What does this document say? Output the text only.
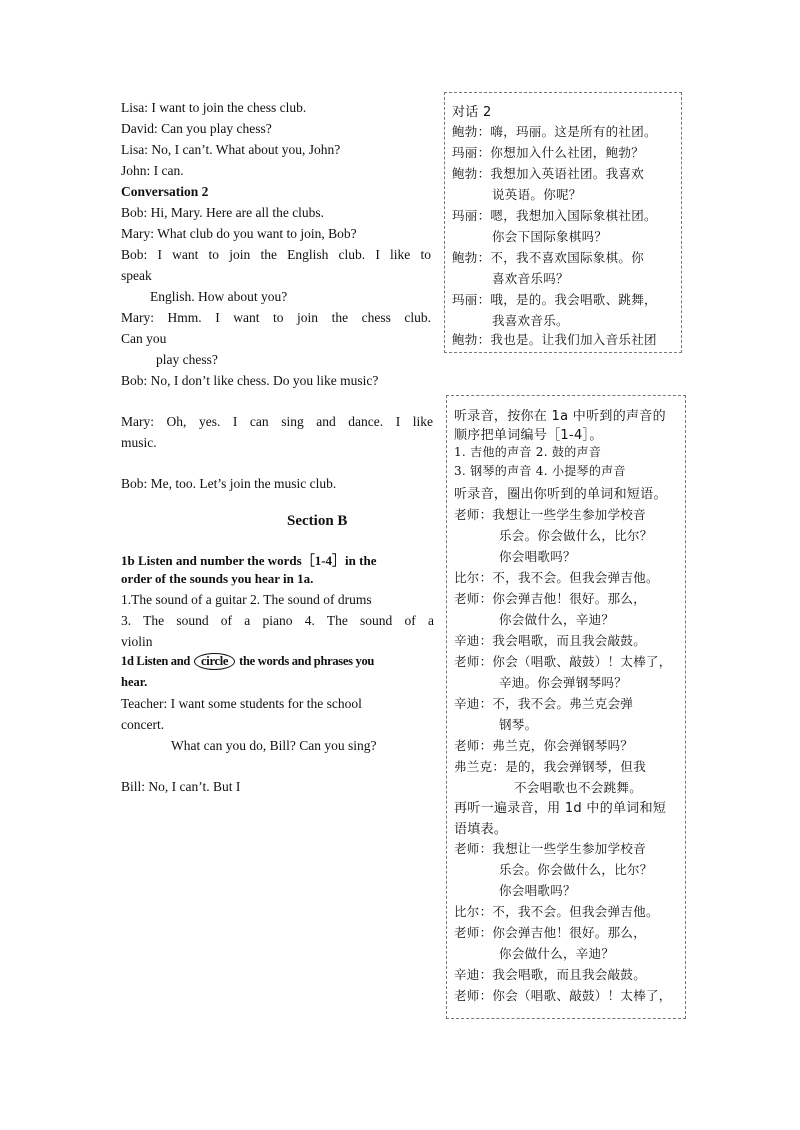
Lisa: I want to join the chess club.
David: Can you play chess?
Lisa: No, I can’t. What about you, John?
John: I can.
Conversation 2
Bob: Hi, Mary. Here are all the clubs.
Mary: What club do you want to join, Bob?
Bob: I want to join the English club. I like to
speak
English. How about you?
Mary: Hmm. I want to join the chess club.
Can you
play chess?
Bob: No, I don’t like chess. Do you like music?
Mary: Oh, yes. I can sing and dance. I like
music.
Bob: Me, too. Let’s join the music club.
Section B
1b Listen and number the words［1-4］in the
order of the sounds you hear in 1a.
1.The sound of a guitar 2. The sound of drums
3. The sound of a piano 4. The sound of a
violin
1d Listen and circle the words and phrases you
hear.
Teacher: I want some students for the school
concert.
What can you do, Bill? Can you sing?
Bill: No, I can’t. But I
对话 2
鲍勃：嗨，玛丽。这是所有的社团。
玛丽：你想加入什么社团，鲍勃？
鲍勃：我想加入英语社团。我喜欢
说英语。你呢？
玛丽：嗯，我想加入国际象棋社团。
你会下国际象棋吗？
鲍勃：不，我不喜欢国际象棋。你
喜欢音乐吗？
玛丽：哦，是的。我会唱歌、跳舞，
我喜欢音乐。
鲍勃：我也是。让我们加入音乐社团
听录音，按你在 1a 中听到的声音的
顺序把单词编号［1-4］。
1. 吉他的声音 2. 鼓的声音
3. 钢琴的声音 4. 小提琴的声音
听录音，圈出你听到的单词和短语。
老师：我想让一些学生参加学校音
乐会。你会做什么，比尔？
你会唱歌吗？
比尔：不，我不会。但我会弹吉他。
老师：你会弹吉他！很好。那么，
你会做什么，辛迪？
辛迪：我会唱歌，而且我会敲鼓。
老师：你会（唱歌、敲鼓）！太棒了，
辛迪。你会弹钢琴吗？
辛迪：不，我不会。弗兰克会弹
钢琴。
老师：弗兰克，你会弹钢琴吗？
弗兰克：是的，我会弹钢琴，但我
不会唱歌也不会跳舞。
再听一遍录音，用 1d 中的单词和短
语填表。
老师：我想让一些学生参加学校音
乐会。你会做什么，比尔？
你会唱歌吗？
比尔：不，我不会。但我会弹吉他。
老师：你会弹吉他！很好。那么，
你会做什么，辛迪？
辛迪：我会唱歌，而且我会敲鼓。
老师：你会（唱歌、敲鼓）！太棒了，
